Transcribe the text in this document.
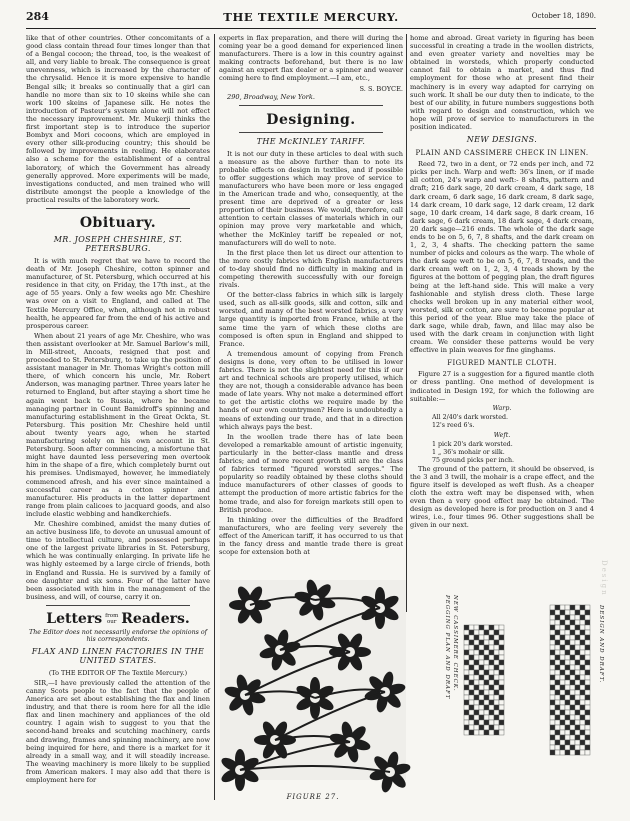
284	THE TEXTILE MERCURY.	October 18, 1890.

like that of other countries. Other concomitants of a good class contain thread four times longer than that of a Bengal cocoon; the thread, too, is the weakest of all, and very liable to break. The consequence is great unevenness, which is increased by the character of the chrysalid. Hence it is more expensive to handle Bengal silk; it breaks so continually that a girl can handle no more than six to 10 skeins while she can work 100 skeins of Japanese silk. He notes the introduction of Pasteur's system alone will not effect the necessary improvement. Mr. Mukerji thinks the first important step is to introduce the superior Bombyx and Mori cocoons, which are employed in every other silk-producing country; this should be followed by improvements in reeling. He elaborates also a scheme for the establishment of a central laboratory, of which the Government has already generally approved. More experiments will be made, investigations conducted, and men trained who will distribute amongst the people a knowledge of the practical results of the laboratory work.

Obituary.
MR. JOSEPH CHESHIRE, ST. PETERSBURG.

It is with much regret that we have to record the death of Mr. Joseph Cheshire, cotton spinner and manufacturer, of St. Petersburg, which occurred at his residence in that city, on Friday, the 17th inst., at the age of 55 years. Only a few weeks ago Mr. Cheshire was over on a visit to England, and called at The Textile Mercury Office, when, although not in robust health, he appeared far from the end of his active and prosperous career.

When about 21 years of age Mr. Cheshire, who was then assistant overlooker at Mr. Samuel Barlow's mill, in Mill-street, Ancoats, resigned that post and proceeded to St. Petersburg, to take up the position of assistant manager in Mr. Thomas Wright's cotton mill there, of which concern his uncle, Mr. Robert Anderson, was managing partner. Three years later he returned to England, but after staying a short time he again went back to Russia, where he became managing partner in Count Bamidroff's spinning and manufacturing establishment in the Great Ockta, St. Petersburg. This position Mr. Cheshire held until about twenty years ago, when he started manufacturing solely on his own account in St. Petersburg. Soon after commencing, a misfortune that might have daunted less persevering men overtook him in the shape of a fire, which completely burnt out his premises. Undismayed, however, he immediately commenced afresh, and his ever since maintained a successful career as a cotton spinner and manufacturer. His products in the latter department range from plain calicoes to jacquard goods, and also include elastic webbing and handkerchiefs.

Mr. Cheshire combined, amidst the many duties of an active business life, to devote an unusual amount of time to intellectual culture, and possessed perhaps one of the largest private libraries in St. Petersburg, which he was continually enlarging. In private life he was highly esteemed by a large circle of friends, both in England and Russia. He is survived by a family of one daughter and six sons. Four of the latter have been associated with him in the management of the business, and will, of course, carry it on.

Letters from
our Readers.
The Editor does not necessarily endorse the opinions of his correspondents.
FLAX AND LINEN FACTORIES IN THE UNITED STATES.
(To THE EDITOR OF The Textile Mercury.)

SIR,—I have previously called the attention of the canny Scots people to the fact that the people of America are set about establishing the flax and linen industry, and that there is room here for all the idle flax and linen machinery and appliances of the old country. I again wish to suggest to you that the second-hand breaks and scutching machinery, cards and drawing, frames and spinning machinery, are now being inquired for here, and there is a market for it already in a small way, and it will steadily increase. The weaving machinery is more likely to be supplied from American makers. I may also add that there is employment here for

experts in flax preparation, and there will during the coming year be a good demand for experienced linen manufacturers. There is a low in this country against making contracts beforehand, but there is no law against an expert flax dealer or a spinner and weaver coming here to find employment.—I am, etc.,

S. S. BOYCE.
290, Broadway, New York.
Designing.
THE McKINLEY TARIFF.

It is not our duty in these articles to deal with such a measure as the above further than to note its probable effects on design in textiles, and if possible to offer suggestions which may prove of service to manufacturers who have been more or less engaged in the American trade and who, consequently, at the present time are deprived of a greater or less proportion of their business. We would, therefore, call attention to certain classes of materials which in our opinion may prove very marketable and which, whether the McKinley tariff be repealed or not, manufacturers will do well to note.

In the first place then let us direct our attention to the more costly fabrics which English manufacturers of to-day should find no difficulty in making and in competing therewith successfully with our foreign rivals.

Of the better-class fabrics in which silk is largely used, such as all-silk goods, silk and cotton, silk and worsted, and many of the best worsted fabrics, a very large quantity is imported from France, while at the same time the yarn of which these cloths are composed is often spun in England and shipped to France.

A tremendous amount of copying from French designs is done, very often to be utilised in lower fabrics. There is not the slightest need for this if our art and technical schools are properly utilised, which they are not, though a considerable advance has been made of late years. Why not make a determined effort to get the artistic cloths we require made by the hands of our own countrymen? Here is undoubtedly a means of extending our trade, and that in a direction which always pays the best.

In the woollen trade there has of late been developed a remarkable amount of artistic ingenuity, particularly in the better-class mantle and dress fabrics; and of more recent growth still are the class of fabrics termed "figured worsted serges." The popularity so readily obtained by these cloths should induce manufacturers of other classes of goods to attempt the production of more artistic fabrics for the home trade, and also for foreign markets still open to British produce.

In thinking over the difficulties of the Bradford manufacturers, who are feeling very severely the effect of the American tariff, it has occurred to us that in the fancy dress and mantle trade there is great scope for extension both at

FIGURE 27.

home and abroad. Great variety in figuring has been successful in creating a trade in the woollen districts, and even greater variety and novelties may be obtained in worsteds, which properly conducted cannot fail to obtain a market, and thus find employment for those who at present find their machinery is in every way adapted for carrying on such work. It shall be our duty then to indicate, to the best of our ability, in future numbers suggestions both with regard to design and construction, which we hope will prove of service to manufacturers in the position indicated.

NEW DESIGNS.
PLAIN AND CASSIMERE CHECK IN LINEN.

Reed 72, two in a dent, or 72 ends per inch, and 72 picks per inch. Warp and weft: 36's linen, or if made all cotton, 24's warp and weft:- 8 shafts, pattern and draft; 216 dark sage, 20 dark cream, 4 dark sage, 18 dark cream, 6 dark sage, 16 dark cream, 8 dark sage, 14 dark cream, 10 dark sage, 12 dark cream, 12 dark sage, 10 dark cream, 14 dark sage, 8 dark cream, 16 dark sage, 6 dark cream, 18 dark sage, 4 dark cream, 20 dark sage—216 ends. The whole of the dark sage ends to be on 5, 6, 7, 8 shafts, and the dark cream on 1, 2, 3, 4 shafts. The checking pattern the same number of picks and colours as the warp. The whole of the dark sage weft to be on 5, 6, 7, 8 treads, and the dark cream weft on 1, 2, 3, 4 treads shown by the figures at the bottom of pegging plan, the draft figures being at the left-hand side. This will make a very fashionable and stylish dress cloth. These large checks well broken up in any material either wool, worsted, silk or cotton, are sure to become popular at this period of the year. Blue may take the place of dark sage, while drab, fawn, and lilac may also be used with the dark cream in conjunction with light cream. We consider these patterns would be very effective in plain weaves for fine ginghams.

FIGURED MANTLE CLOTH.

Figure 27 is a suggestion for a figured mantle cloth or dress pantling. One method of development is indicated in Design 192, for which the following are suitable:—

Warp.
All 2/40's dark worsted.
12's reed 6's.
Weft.
1 pick 20's dark worsted.
1 „ 36's mohair or silk.
75 ground picks per inch.

The ground of the pattern, it should be observed, is the 3 and 3 twill, the mohair is a crape effect, and the figure itself is developed as weft flush. As a cheaper cloth the extra weft may be dispensed with, when even then a very good effect may be obtained. The design as developed here is for production on 3 and 4 wires, i.e., four times 96. Other suggestions shall be given in our next.

PEGGING PLAN AND DRAFT NEW CASSIMERE CHECK.	DESIGN AND DRAFT.
Design
